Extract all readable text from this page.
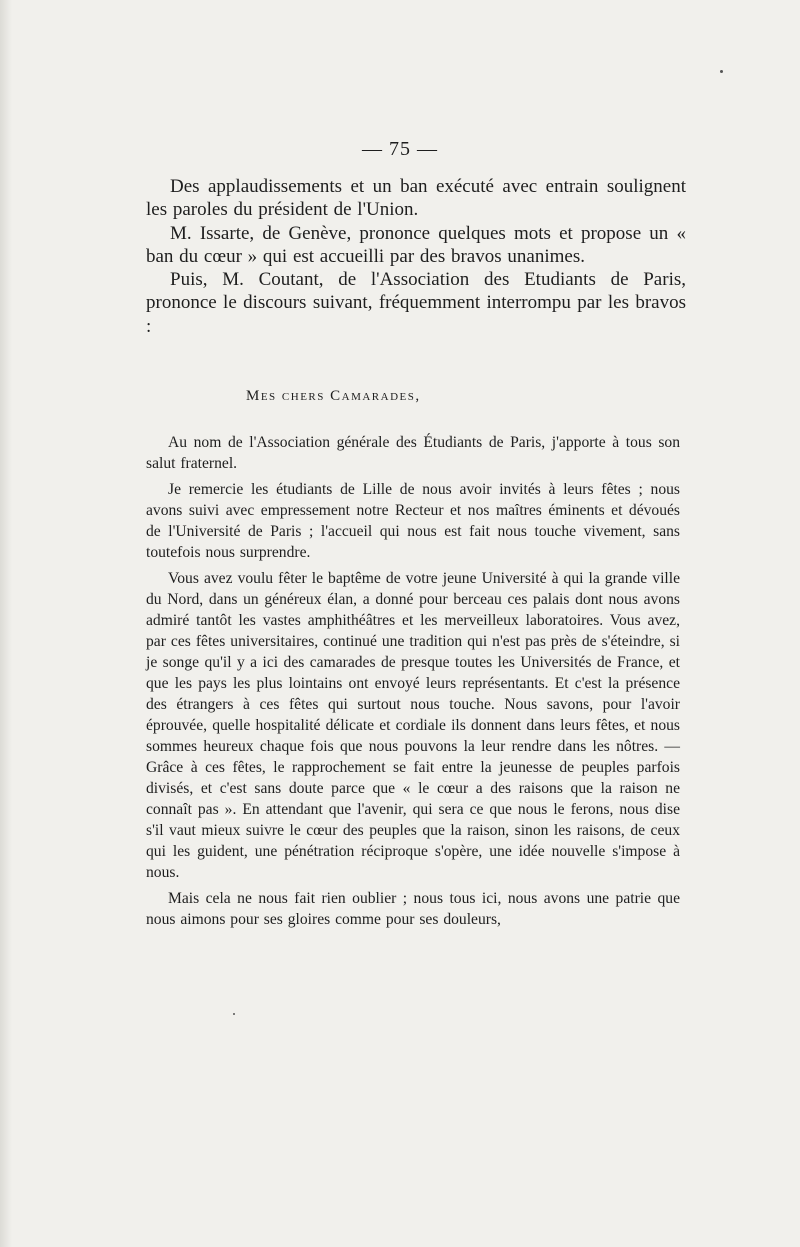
— 75 —

Des applaudissements et un ban exécuté avec entrain soulignent les paroles du président de l'Union.

M. Issarte, de Genève, prononce quelques mots et propose un « ban du cœur » qui est accueilli par des bravos unanimes.

Puis, M. Coutant, de l'Association des Etudiants de Paris, prononce le discours suivant, fréquemment interrompu par les bravos :

Mes chers Camarades,

Au nom de l'Association générale des Étudiants de Paris, j'apporte à tous son salut fraternel.

Je remercie les étudiants de Lille de nous avoir invités à leurs fêtes ; nous avons suivi avec empressement notre Recteur et nos maîtres éminents et dévoués de l'Université de Paris ; l'accueil qui nous est fait nous touche vivement, sans toutefois nous surprendre.

Vous avez voulu fêter le baptême de votre jeune Université à qui la grande ville du Nord, dans un généreux élan, a donné pour berceau ces palais dont nous avons admiré tantôt les vastes amphithéâtres et les merveilleux laboratoires. Vous avez, par ces fêtes universitaires, continué une tradition qui n'est pas près de s'éteindre, si je songe qu'il y a ici des camarades de presque toutes les Universités de France, et que les pays les plus lointains ont envoyé leurs représentants. Et c'est la présence des étrangers à ces fêtes qui surtout nous touche. Nous savons, pour l'avoir éprouvée, quelle hospitalité délicate et cordiale ils donnent dans leurs fêtes, et nous sommes heureux chaque fois que nous pouvons la leur rendre dans les nôtres. — Grâce à ces fêtes, le rapprochement se fait entre la jeunesse de peuples parfois divisés, et c'est sans doute parce que « le cœur a des raisons que la raison ne connaît pas ». En attendant que l'avenir, qui sera ce que nous le ferons, nous dise s'il vaut mieux suivre le cœur des peuples que la raison, sinon les raisons, de ceux qui les guident, une pénétration réciproque s'opère, une idée nouvelle s'impose à nous.

Mais cela ne nous fait rien oublier ; nous tous ici, nous avons une patrie que nous aimons pour ses gloires comme pour ses douleurs,
